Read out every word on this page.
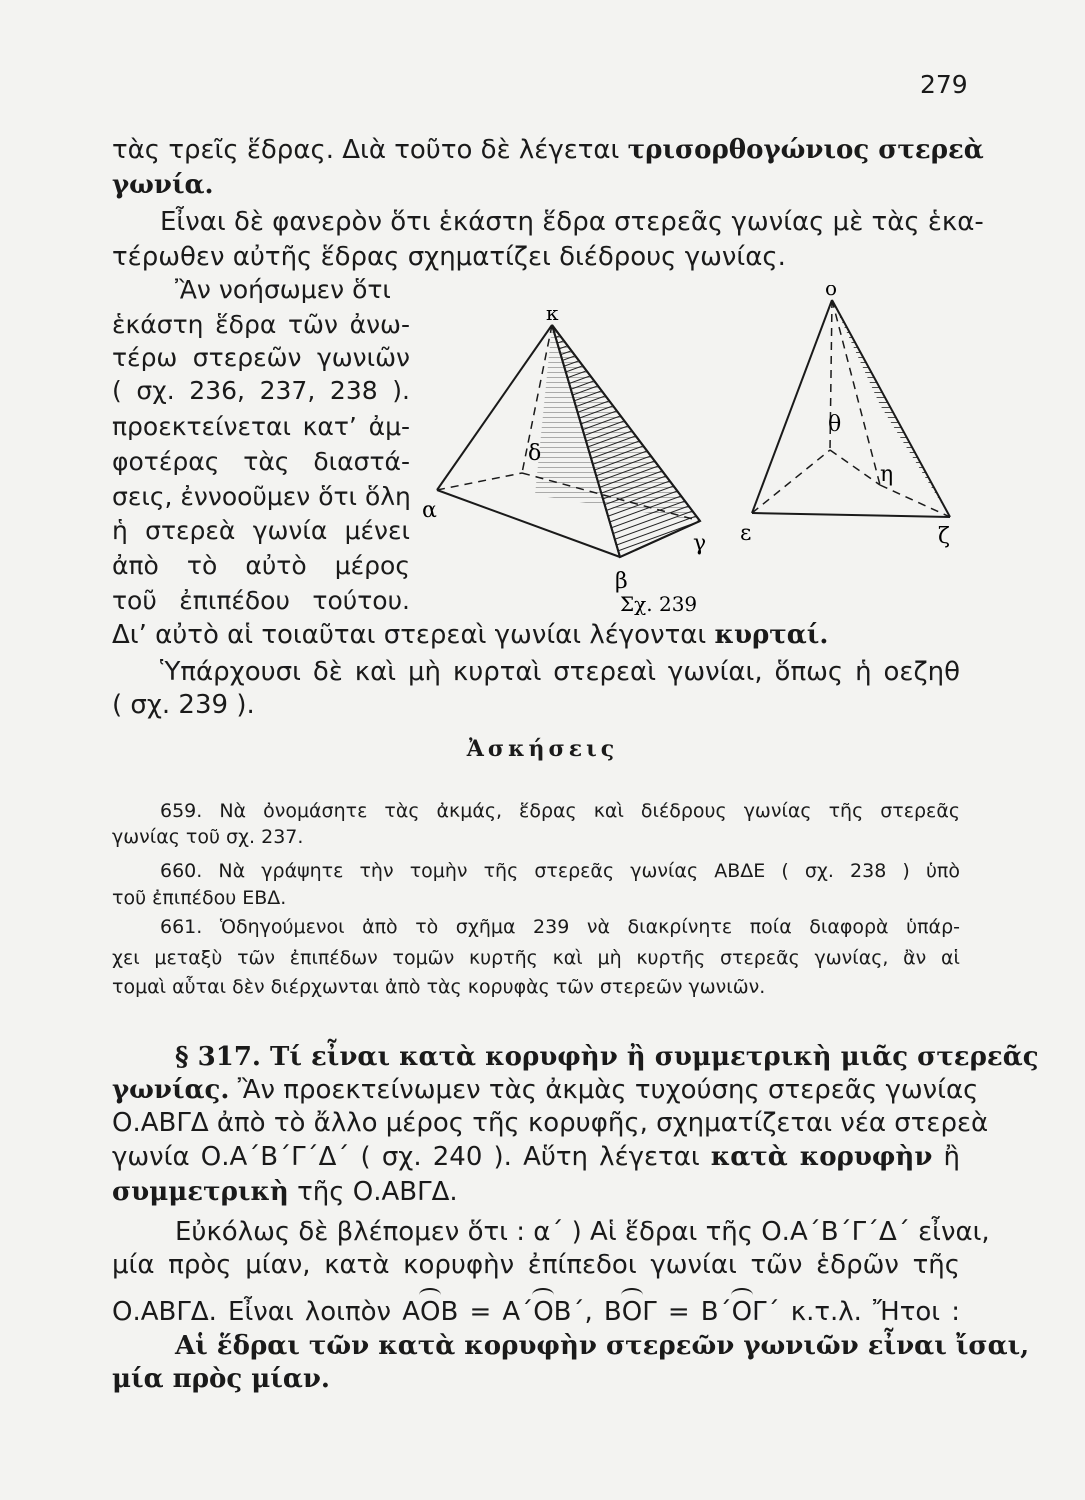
279
τὰς τρεῖς ἕδρας. Διὰ τοῦτο δὲ λέγεται τρισορθογώνιος στερεὰ
γωνία.
Εἶναι δὲ φανερὸν ὅτι ἑκάστη ἕδρα στερεᾶς γωνίας μὲ τὰς ἑκα-
τέρωθεν αὐτῆς ἕδρας σχηματίζει διέδρους γωνίας.
Ἂν νοήσωμεν ὅτι
ἑκάστη ἕδρα τῶν ἀνω-
τέρω στερεῶν γωνιῶν
( σχ. 236, 237, 238 ).
προεκτείνεται κατ’ ἀμ-
φοτέρας τὰς διαστά-
σεις, ἐννοοῦμεν ὅτι ὅλη
ἡ στερεὰ γωνία μένει
ἀπὸ τὸ αὐτὸ μέρος
τοῦ ἐπιπέδου τούτου.
Δι’ αὐτὸ αἱ τοιαῦται στερεαὶ γωνίαι λέγονται κυρταί.
κ
α
β
γ
δ
ο
ε	ζ
θ
η
Σχ. 239
Ὑπάρχουσι δὲ καὶ μὴ κυρταὶ στερεαὶ γωνίαι, ὅπως ἡ οεζηθ
( σχ. 239 ).
Ἀσκήσεις
659. Νὰ ὀνομάσητε τὰς ἀκμάς, ἕδρας καὶ διέδρους γωνίας τῆς στερεᾶς
γωνίας τοῦ σχ. 237.
660. Νὰ γράψητε τὴν τομὴν τῆς στερεᾶς γωνίας ΑΒΔΕ ( σχ. 238 ) ὑπὸ
τοῦ ἐπιπέδου ΕΒΔ.
661. Ὁδηγούμενοι ἀπὸ τὸ σχῆμα 239 νὰ διακρίνητε ποία διαφορὰ ὑπάρ-
χει μεταξὺ τῶν ἐπιπέδων τομῶν κυρτῆς καὶ μὴ κυρτῆς στερεᾶς γωνίας, ἂν αἱ
τομαὶ αὗται δὲν διέρχωνται ἀπὸ τὰς κορυφὰς τῶν στερεῶν γωνιῶν.
§ 317. Τί εἶναι κατὰ κορυφὴν ἢ συμμετρικὴ μιᾶς στερεᾶς
γωνίας. Ἂν προεκτείνωμεν τὰς ἀκμὰς τυχούσης στερεᾶς γωνίας
Ο.ΑΒΓΔ ἀπὸ τὸ ἄλλο μέρος τῆς κορυφῆς, σχηματίζεται νέα στερεὰ
γωνία Ο.Α΄Β΄Γ΄Δ΄ ( σχ. 240 ). Αὕτη λέγεται κατὰ κορυφὴν ἢ
συμμετρικὴ τῆς Ο.ΑΒΓΔ.
Εὐκόλως δὲ βλέπομεν ὅτι : α΄ ) Αἱ ἕδραι τῆς Ο.Α΄Β΄Γ΄Δ΄ εἶναι,
μία πρὸς μίαν, κατὰ κορυφὴν ἐπίπεδοι γωνίαι τῶν ἑδρῶν τῆς
Ο.ΑΒΓΔ. Εἶναι λοιπὸν ΑΟΒ = Α΄ΟΒ΄, ΒΟΓ = Β΄ΟΓ΄ κ.τ.λ. Ἤτοι :
Αἱ ἕδραι τῶν κατὰ κορυφὴν στερεῶν γωνιῶν εἶναι ἴσαι,
μία πρὸς μίαν.
